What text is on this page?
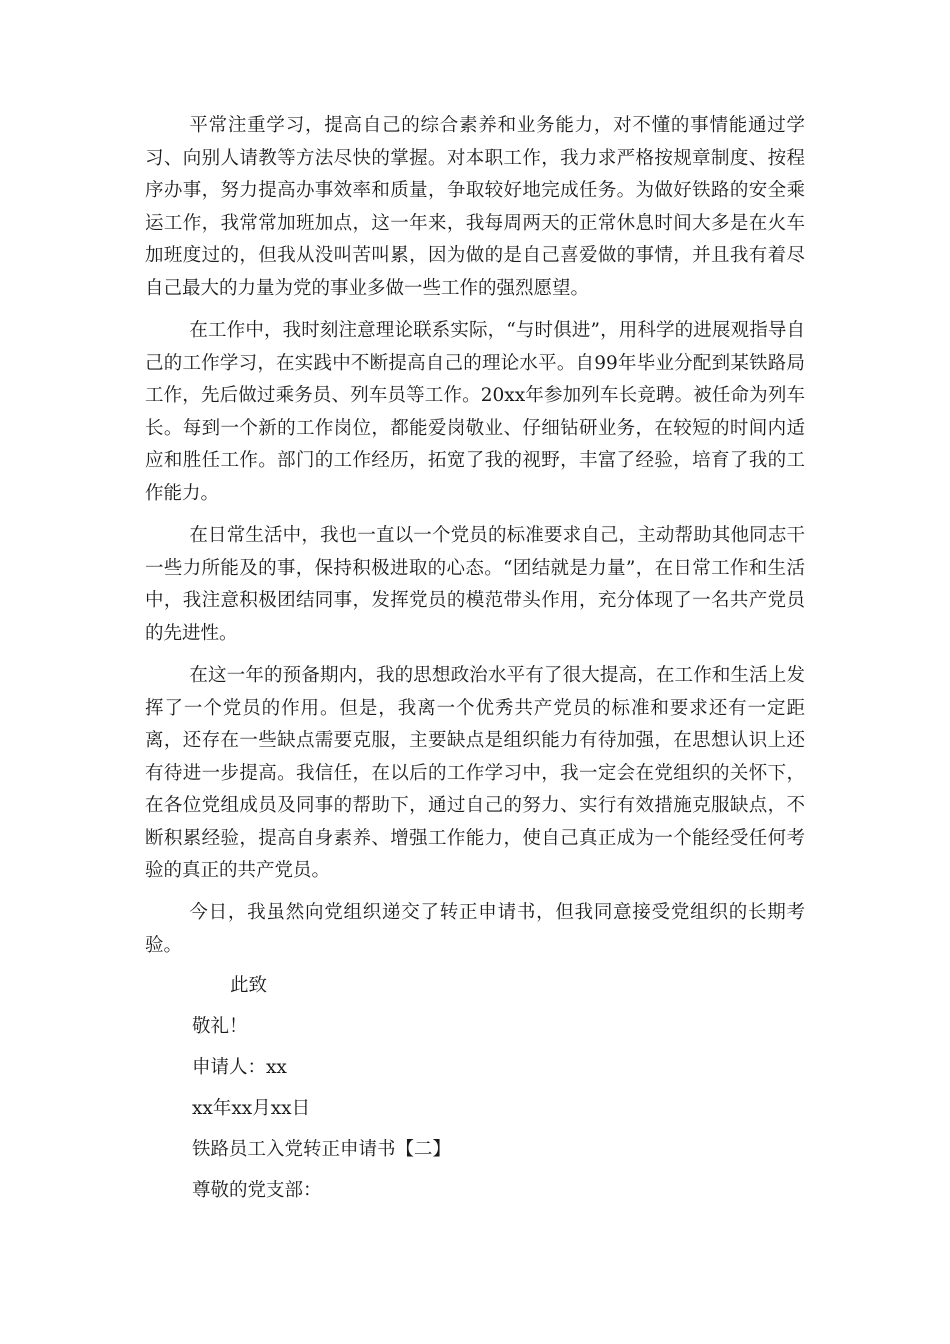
平常注重学习，提高自己的综合素养和业务能力，对不懂的事情能通过学习、向别人请教等方法尽快的掌握。对本职工作，我力求严格按规章制度、按程序办事，努力提高办事效率和质量，争取较好地完成任务。为做好铁路的安全乘运工作，我常常加班加点，这一年来，我每周两天的正常休息时间大多是在火车加班度过的，但我从没叫苦叫累，因为做的是自己喜爱做的事情，并且我有着尽自己最大的力量为党的事业多做一些工作的强烈愿望。

在工作中，我时刻注意理论联系实际，“与时俱进”，用科学的进展观指导自己的工作学习，在实践中不断提高自己的理论水平。自99年毕业分配到某铁路局工作，先后做过乘务员、列车员等工作。20xx年参加列车长竞聘。被任命为列车长。每到一个新的工作岗位，都能爱岗敬业、仔细钻研业务，在较短的时间内适应和胜任工作。部门的工作经历，拓宽了我的视野，丰富了经验，培育了我的工作能力。

在日常生活中，我也一直以一个党员的标准要求自己，主动帮助其他同志干一些力所能及的事，保持积极进取的心态。“团结就是力量”，在日常工作和生活中，我注意积极团结同事，发挥党员的模范带头作用，充分体现了一名共产党员的先进性。

在这一年的预备期内，我的思想政治水平有了很大提高，在工作和生活上发挥了一个党员的作用。但是，我离一个优秀共产党员的标准和要求还有一定距离，还存在一些缺点需要克服，主要缺点是组织能力有待加强，在思想认识上还有待进一步提高。我信任，在以后的工作学习中，我一定会在党组织的关怀下，在各位党组成员及同事的帮助下，通过自己的努力、实行有效措施克服缺点，不断积累经验，提高自身素养、增强工作能力，使自己真正成为一个能经受任何考验的真正的共产党员。

今日，我虽然向党组织递交了转正申请书，但我同意接受党组织的长期考验。

此致

敬礼！

申请人：xx

xx年xx月xx日

铁路员工入党转正申请书【二】

尊敬的党支部：
